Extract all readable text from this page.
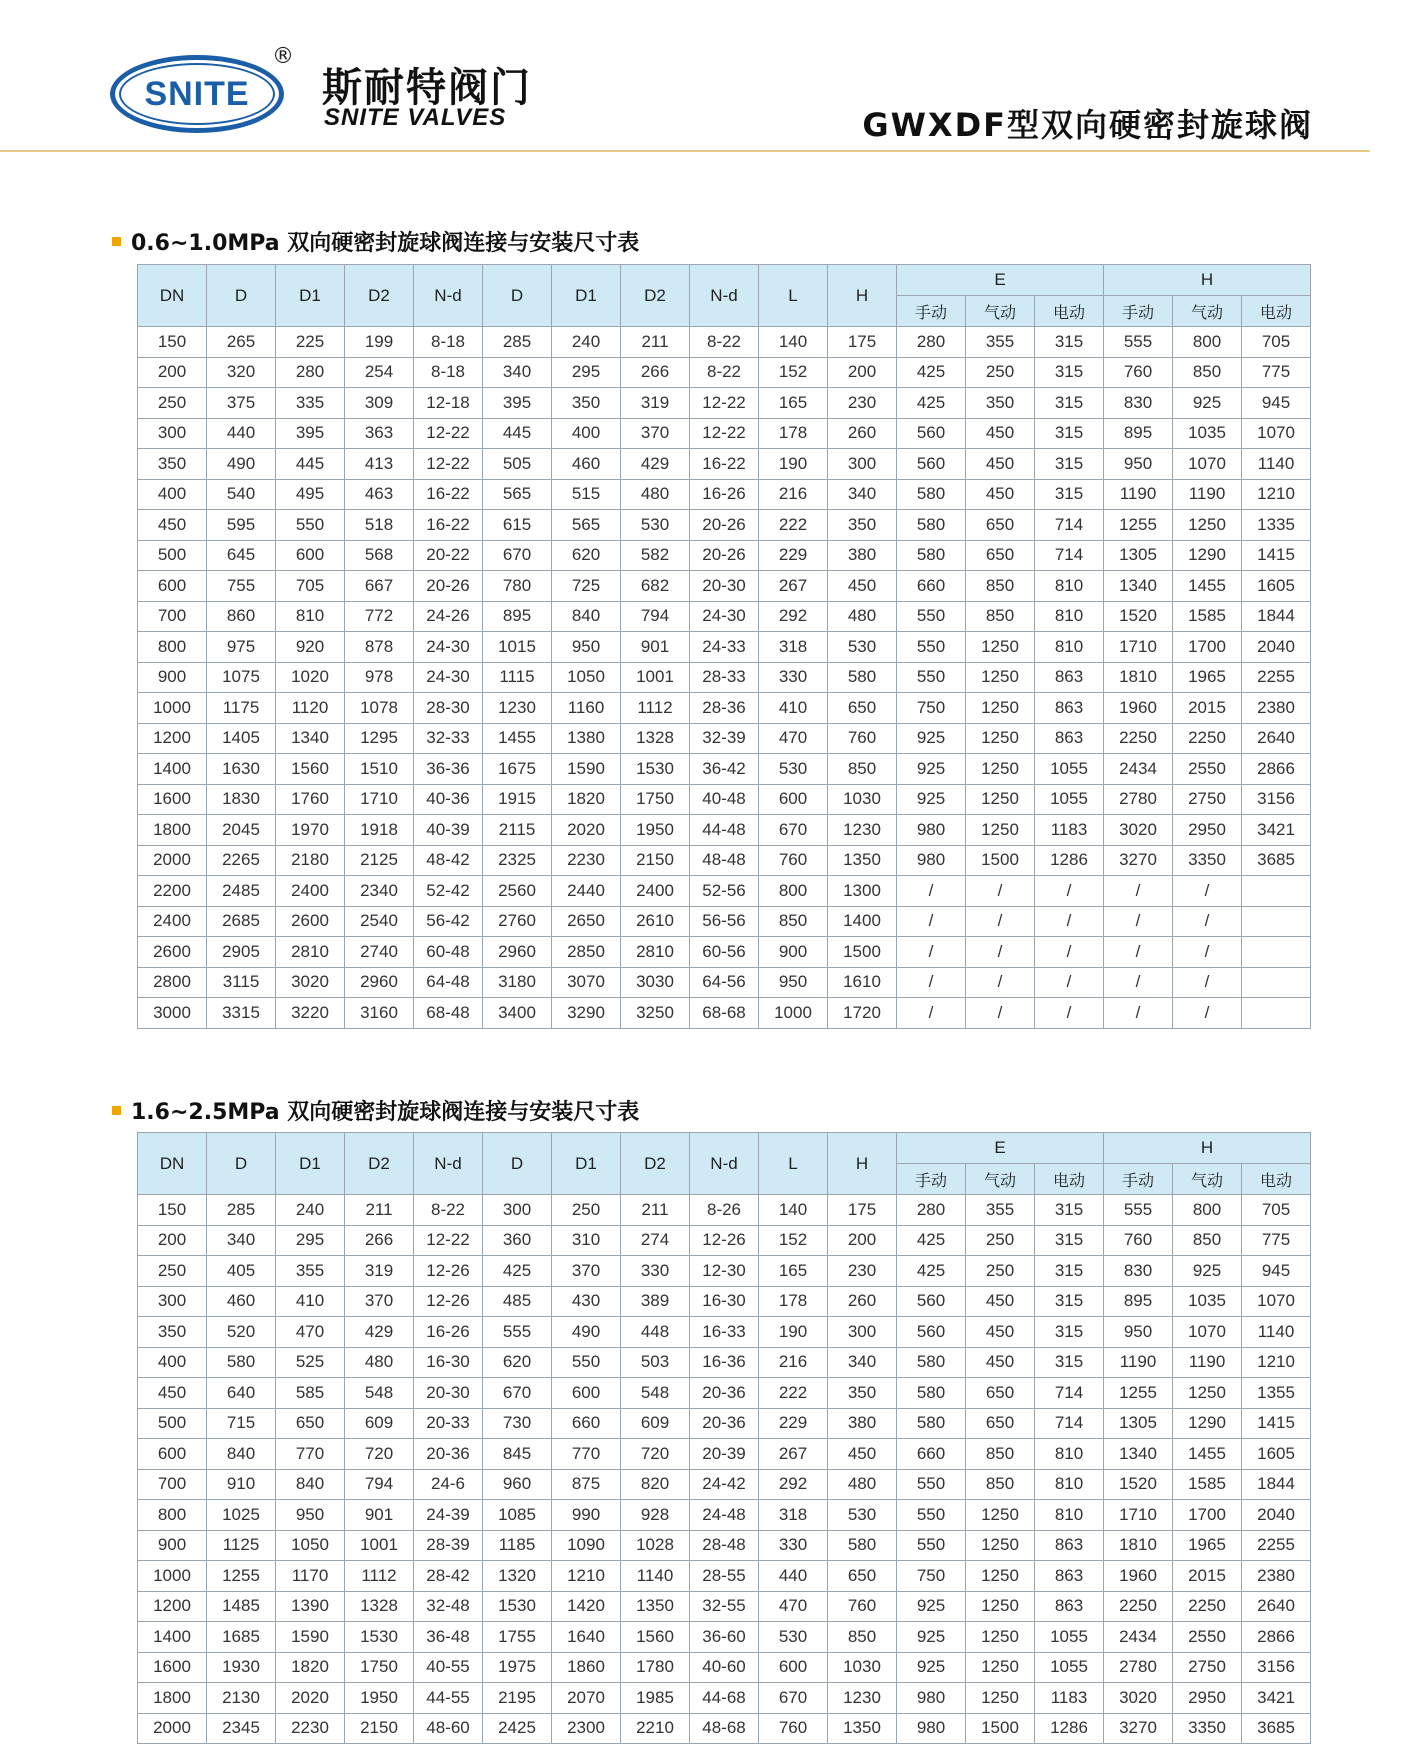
SNITE
®
斯耐特阀门
SNITE VALVES	GWXDF型双向硬密封旋球阀
0.6~1.0MPa 双向硬密封旋球阀连接与安装尺寸表
DN	D	D1	D2	N-d	D	D1	D2	N-d	L	H	E			H		
											手动	气动	电动	手动	气动	电动
150	265	225	199	8-18	285	240	211	8-22	140	175	280	355	315	555	800	705
200	320	280	254	8-18	340	295	266	8-22	152	200	425	250	315	760	850	775
250	375	335	309	12-18	395	350	319	12-22	165	230	425	350	315	830	925	945
300	440	395	363	12-22	445	400	370	12-22	178	260	560	450	315	895	1035	1070
350	490	445	413	12-22	505	460	429	16-22	190	300	560	450	315	950	1070	1140
400	540	495	463	16-22	565	515	480	16-26	216	340	580	450	315	1190	1190	1210
450	595	550	518	16-22	615	565	530	20-26	222	350	580	650	714	1255	1250	1335
500	645	600	568	20-22	670	620	582	20-26	229	380	580	650	714	1305	1290	1415
600	755	705	667	20-26	780	725	682	20-30	267	450	660	850	810	1340	1455	1605
700	860	810	772	24-26	895	840	794	24-30	292	480	550	850	810	1520	1585	1844
800	975	920	878	24-30	1015	950	901	24-33	318	530	550	1250	810	1710	1700	2040
900	1075	1020	978	24-30	1115	1050	1001	28-33	330	580	550	1250	863	1810	1965	2255
1000	1175	1120	1078	28-30	1230	1160	1112	28-36	410	650	750	1250	863	1960	2015	2380
1200	1405	1340	1295	32-33	1455	1380	1328	32-39	470	760	925	1250	863	2250	2250	2640
1400	1630	1560	1510	36-36	1675	1590	1530	36-42	530	850	925	1250	1055	2434	2550	2866
1600	1830	1760	1710	40-36	1915	1820	1750	40-48	600	1030	925	1250	1055	2780	2750	3156
1800	2045	1970	1918	40-39	2115	2020	1950	44-48	670	1230	980	1250	1183	3020	2950	3421
2000	2265	2180	2125	48-42	2325	2230	2150	48-48	760	1350	980	1500	1286	3270	3350	3685
2200	2485	2400	2340	52-42	2560	2440	2400	52-56	800	1300	/	/	/	/	/	
2400	2685	2600	2540	56-42	2760	2650	2610	56-56	850	1400	/	/	/	/	/	
2600	2905	2810	2740	60-48	2960	2850	2810	60-56	900	1500	/	/	/	/	/	
2800	3115	3020	2960	64-48	3180	3070	3030	64-56	950	1610	/	/	/	/	/	
3000	3315	3220	3160	68-48	3400	3290	3250	68-68	1000	1720	/	/	/	/	/	
1.6~2.5MPa 双向硬密封旋球阀连接与安装尺寸表
DN	D	D1	D2	N-d	D	D1	D2	N-d	L	H	E			H		
											手动	气动	电动	手动	气动	电动
150	285	240	211	8-22	300	250	211	8-26	140	175	280	355	315	555	800	705
200	340	295	266	12-22	360	310	274	12-26	152	200	425	250	315	760	850	775
250	405	355	319	12-26	425	370	330	12-30	165	230	425	250	315	830	925	945
300	460	410	370	12-26	485	430	389	16-30	178	260	560	450	315	895	1035	1070
350	520	470	429	16-26	555	490	448	16-33	190	300	560	450	315	950	1070	1140
400	580	525	480	16-30	620	550	503	16-36	216	340	580	450	315	1190	1190	1210
450	640	585	548	20-30	670	600	548	20-36	222	350	580	650	714	1255	1250	1355
500	715	650	609	20-33	730	660	609	20-36	229	380	580	650	714	1305	1290	1415
600	840	770	720	20-36	845	770	720	20-39	267	450	660	850	810	1340	1455	1605
700	910	840	794	24-6	960	875	820	24-42	292	480	550	850	810	1520	1585	1844
800	1025	950	901	24-39	1085	990	928	24-48	318	530	550	1250	810	1710	1700	2040
900	1125	1050	1001	28-39	1185	1090	1028	28-48	330	580	550	1250	863	1810	1965	2255
1000	1255	1170	1112	28-42	1320	1210	1140	28-55	440	650	750	1250	863	1960	2015	2380
1200	1485	1390	1328	32-48	1530	1420	1350	32-55	470	760	925	1250	863	2250	2250	2640
1400	1685	1590	1530	36-48	1755	1640	1560	36-60	530	850	925	1250	1055	2434	2550	2866
1600	1930	1820	1750	40-55	1975	1860	1780	40-60	600	1030	925	1250	1055	2780	2750	3156
1800	2130	2020	1950	44-55	2195	2070	1985	44-68	670	1230	980	1250	1183	3020	2950	3421
2000	2345	2230	2150	48-60	2425	2300	2210	48-68	760	1350	980	1500	1286	3270	3350	3685
